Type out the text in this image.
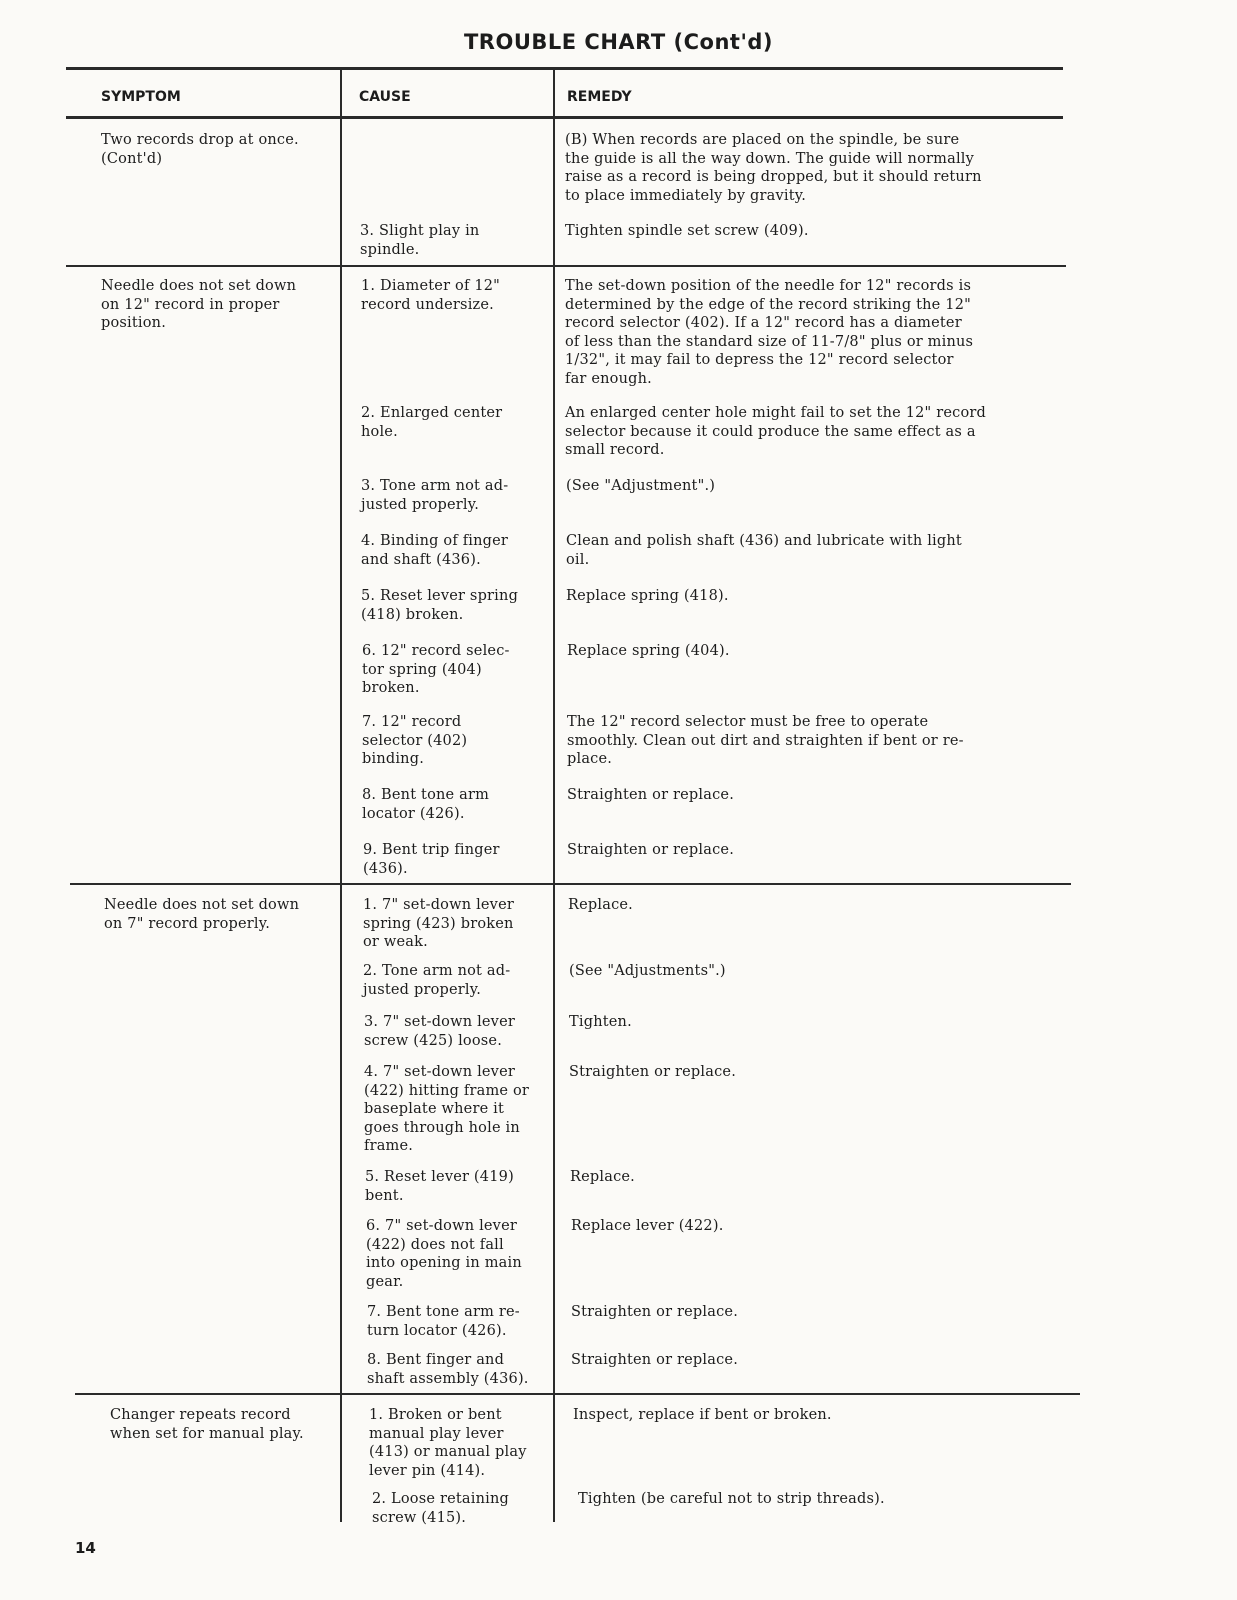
TROUBLE CHART (Cont'd)
SYMPTOM	CAUSE	REMEDY
Two records drop at once.
(Cont'd)
(B) When records are placed on the spindle, be sure
the guide is all the way down. The guide will normally
raise as a record is being dropped, but it should return
to place immediately by gravity.
3. Slight play in
spindle.
Tighten spindle set screw (409).
Needle does not set down
on 12" record in proper
position.
1. Diameter of 12"
record undersize.
The set-down position of the needle for 12" records is
determined by the edge of the record striking the 12"
record selector (402). If a 12" record has a diameter
of less than the standard size of 11-7/8" plus or minus
1/32", it may fail to depress the 12" record selector
far enough.
2. Enlarged center
hole.
An enlarged center hole might fail to set the 12" record
selector because it could produce the same effect as a
small record.
3. Tone arm not ad-
justed properly.
(See "Adjustment".)
4. Binding of finger
and shaft (436).
Clean and polish shaft (436) and lubricate with light
oil.
5. Reset lever spring
(418) broken.
Replace spring (418).
6. 12" record selec-
tor spring (404)
broken.
Replace spring (404).
7. 12" record
selector (402)
binding.
The 12" record selector must be free to operate
smoothly. Clean out dirt and straighten if bent or re-
place.
8. Bent tone arm
locator (426).
Straighten or replace.
9. Bent trip finger
(436).
Straighten or replace.
Needle does not set down
on 7" record properly.
1. 7" set-down lever
spring (423) broken
or weak.
Replace.
2. Tone arm not ad-
justed properly.
(See "Adjustments".)
3. 7" set-down lever
screw (425) loose.
Tighten.
4. 7" set-down lever
(422) hitting frame or
baseplate where it
goes through hole in
frame.
Straighten or replace.
5. Reset lever (419)
bent.
Replace.
6. 7" set-down lever
(422) does not fall
into opening in main
gear.
Replace lever (422).
7. Bent tone arm re-
turn locator (426).
Straighten or replace.
8. Bent finger and
shaft assembly (436).
Straighten or replace.
Changer repeats record
when set for manual play.
1. Broken or bent
manual play lever
(413) or manual play
lever pin (414).
Inspect, replace if bent or broken.
2. Loose retaining
screw (415).
Tighten (be careful not to strip threads).
14
